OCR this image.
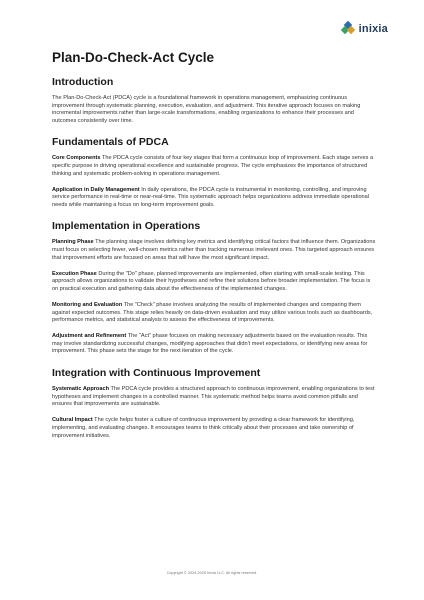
inixia
Plan-Do-Check-Act Cycle
Introduction

The Plan-Do-Check-Act (PDCA) cycle is a foundational framework in operations management, emphasizing continuous improvement through systematic planning, execution, evaluation, and adjustment. This iterative approach focuses on making incremental improvements rather than large-scale transformations, enabling organizations to enhance their processes and outcomes consistently over time.

Fundamentals of PDCA

Core Components The PDCA cycle consists of four key stages that form a continuous loop of improvement. Each stage serves a specific purpose in driving operational excellence and sustainable progress. The cycle emphasizes the importance of structured thinking and systematic problem-solving in operations management.

Application in Daily Management In daily operations, the PDCA cycle is instrumental in monitoring, controlling, and improving service performance in real-time or near-real-time. This systematic approach helps organizations address immediate operational needs while maintaining a focus on long-term improvement goals.

Implementation in Operations

Planning Phase The planning stage involves defining key metrics and identifying critical factors that influence them. Organizations must focus on selecting fewer, well-chosen metrics rather than tracking numerous irrelevant ones. This targeted approach ensures that improvement efforts are focused on areas that will have the most significant impact.

Execution Phase During the "Do" phase, planned improvements are implemented, often starting with small-scale testing. This approach allows organizations to validate their hypotheses and refine their solutions before broader implementation. The focus is on practical execution and gathering data about the effectiveness of the implemented changes.

Monitoring and Evaluation The "Check" phase involves analyzing the results of implemented changes and comparing them against expected outcomes. This stage relies heavily on data-driven evaluation and may utilize various tools such as dashboards, performance metrics, and statistical analysis to assess the effectiveness of improvements.

Adjustment and Refinement The "Act" phase focuses on making necessary adjustments based on the evaluation results. This may involve standardizing successful changes, modifying approaches that didn't meet expectations, or identifying new areas for improvement. This phase sets the stage for the next iteration of the cycle.

Integration with Continuous Improvement

Systematic Approach The PDCA cycle provides a structured approach to continuous improvement, enabling organizations to test hypotheses and implement changes in a controlled manner. This systematic method helps teams avoid common pitfalls and ensures that improvements are sustainable.

Cultural Impact The cycle helps foster a culture of continuous improvement by providing a clear framework for identifying, implementing, and evaluating changes. It encourages teams to think critically about their processes and take ownership of improvement initiatives.

Copyright © 2024-2025 Inixia LLC. All rights reserved.
